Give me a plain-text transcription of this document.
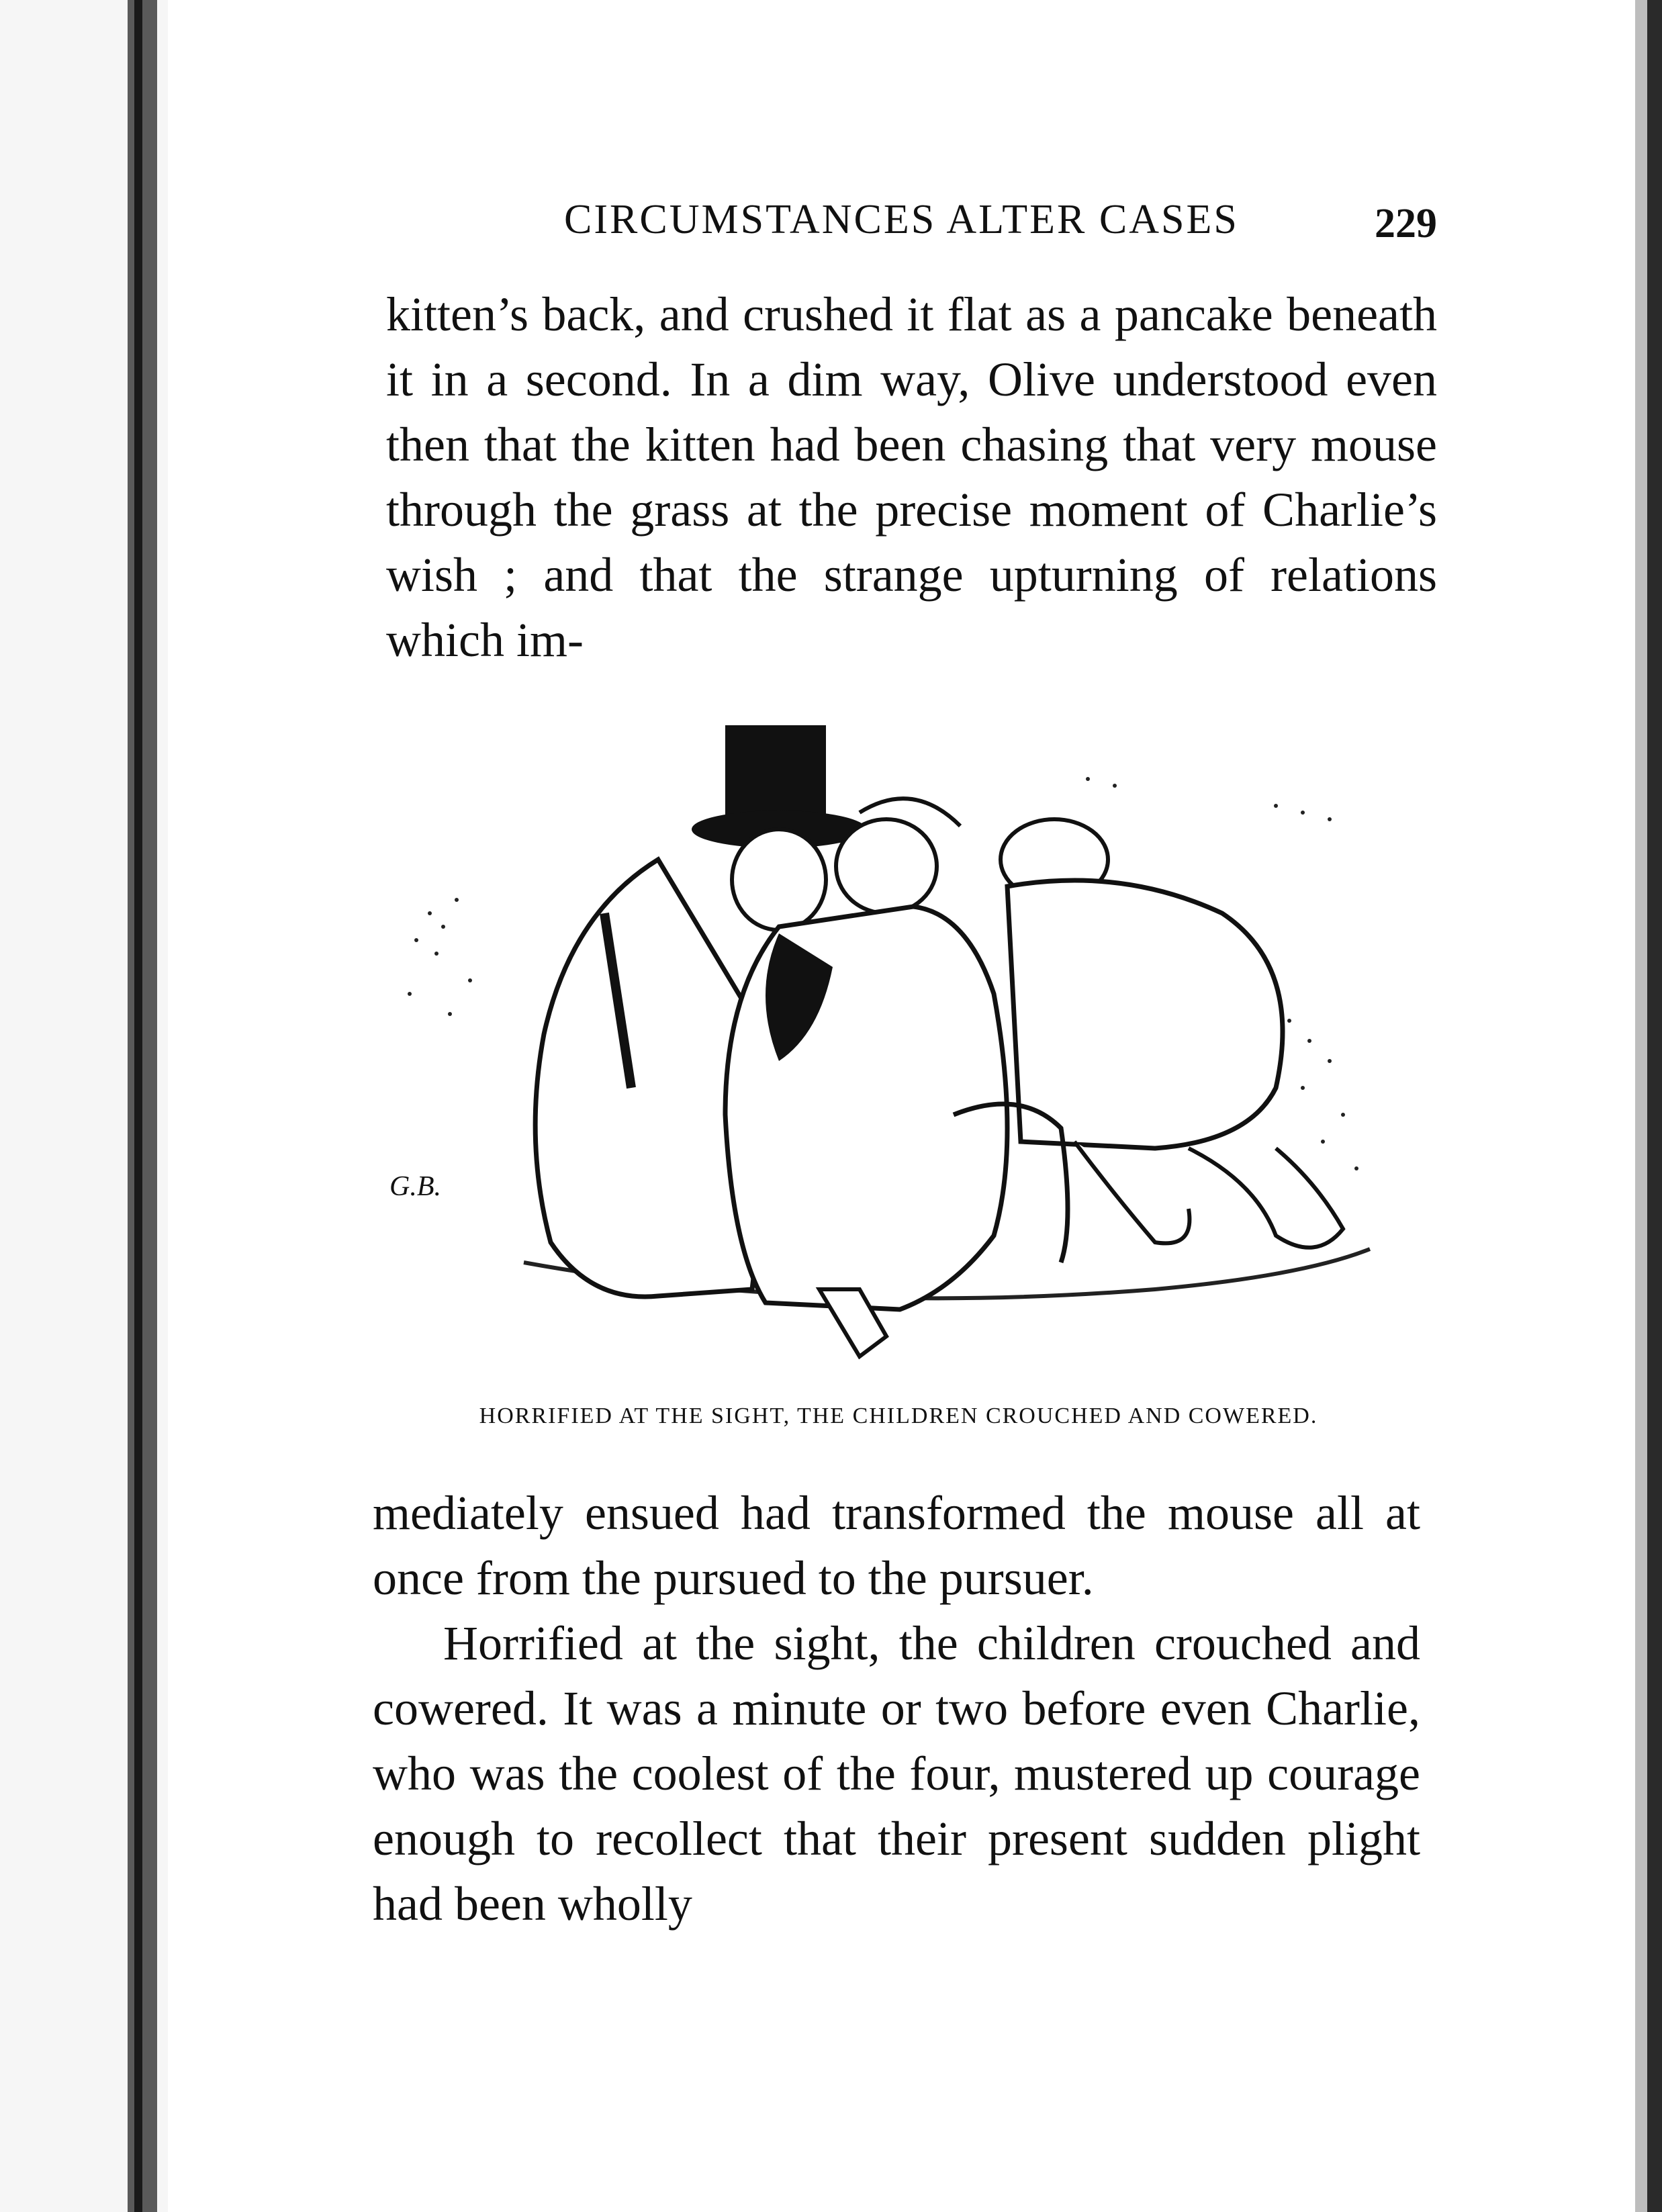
CIRCUMSTANCES ALTER CASES	229

kitten’s back, and crushed it flat as a pancake beneath it in a second. In a dim way, Olive understood even then that the kitten had been chasing that very mouse through the grass at the precise moment of Charlie’s wish ; and that the strange upturning of relations which im-

G.B.
HORRIFIED AT THE SIGHT, THE CHILDREN CROUCHED AND COWERED.

mediately ensued had transformed the mouse all at once from the pursued to the pursuer.

Horrified at the sight, the children crouched and cowered. It was a minute or two before even Charlie, who was the coolest of the four, mustered up courage enough to recollect that their present sudden plight had been wholly
